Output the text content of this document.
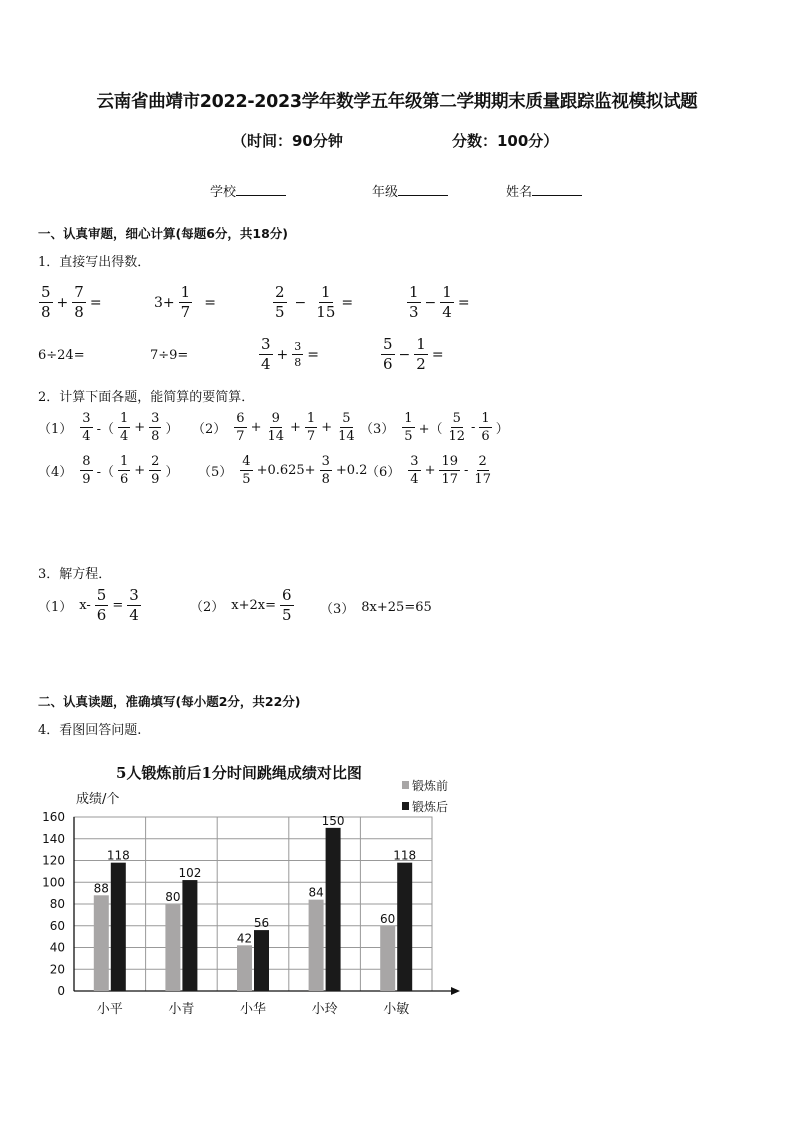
云南省曲靖市2022-2023学年数学五年级第二学期期末质量跟踪监视模拟试题
（时间：90分钟	分数：100分）
学校	年级	姓名
一、认真审题，细心计算(每题6分，共18分)
1．直接写出得数．
$\frac{5}{8} + \frac{7}{8}$ =	$3+ \frac{1}{7}$ =	$\frac{2}{5} - \frac{1}{15}$ =	$\frac{1}{3} - \frac{1}{4}$ =
6÷24=	7÷9=	$\frac{3}{4} + \frac{3}{8}$ =	$\frac{5}{6} - \frac{1}{2}$ =
2．计算下面各题，能简算的要简算．
$(1) \frac{3}{4}$ -（ $\frac{1}{4} + \frac{3}{8}$ ） $(2) \frac{6}{7} + \frac{9}{14} + \frac{1}{7} + \frac{5}{14} (3) \frac{1}{5}$ +（ $\frac{5}{12} - \frac{1}{6}$ ）
$(4) \frac{8}{9}$ -（ $\frac{1}{6} + \frac{2}{9}$ ） $(5) \frac{4}{5} +0.625+ \frac{3}{8} +0.2$
$(6) \frac{3}{4} + \frac{19}{17} - \frac{2}{17}$
3．解方程．
（1） $x- \frac{5}{6} = \frac{3}{4}$	（2） $x+2x= \frac{6}{5} (3)$ 8x+25=65
二、认真读题，准确填写(每小题2分，共22分)
4．看图回答问题.
5人锻炼前后1分时间跳绳成绩对比图
0
20
40
60
80
100
120
140
160
成绩/个
88
118
小平
80
102
小青
42
56
小华
84
150
小玲
60
118
小敏
锻炼前
锻炼后
